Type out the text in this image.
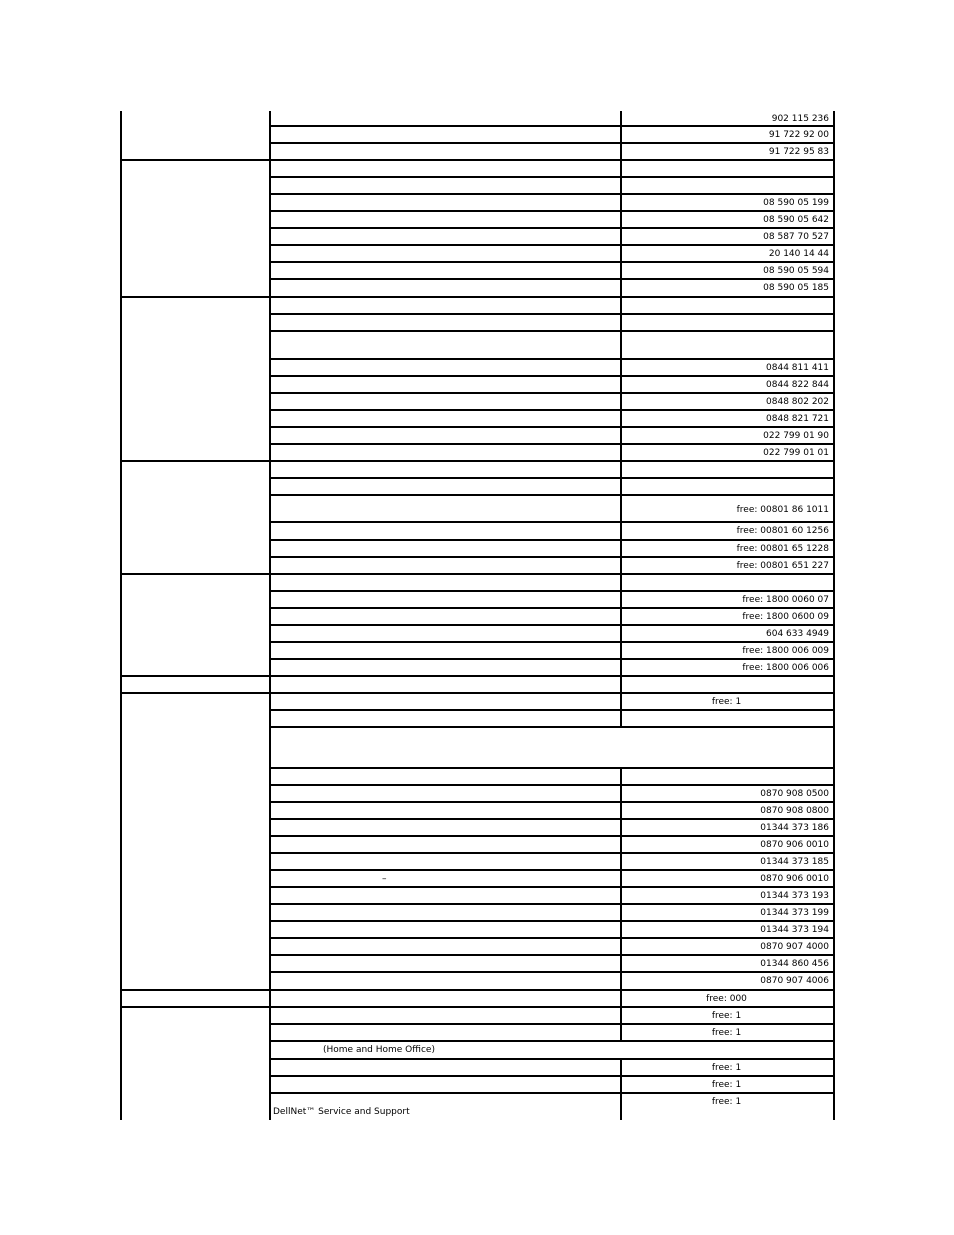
902 115 236
91 722 92 00
91 722 95 83
08 590 05 199
08 590 05 642
08 587 70 527
20 140 14 44
08 590 05 594
08 590 05 185
0844 811 411
0844 822 844
0848 802 202
0848 821 721
022 799 01 90
022 799 01 01
free: 00801 86 1011
free: 00801 60 1256
free: 00801 65 1228
free: 00801 651 227
free: 1800 0060 07
free: 1800 0600 09
604 633 4949
free: 1800 006 009
free: 1800 006 006
free: 1
0870 908 0500
0870 908 0800
01344 373 186
0870 906 0010
01344 373 185
0870 906 0010
–
01344 373 193
01344 373 199
01344 373 194
0870 907 4000
01344 860 456
0870 907 4006
free: 000
free: 1
free: 1
(Home and Home Office)
free: 1
free: 1
free: 1
DellNet™ Service and Support
